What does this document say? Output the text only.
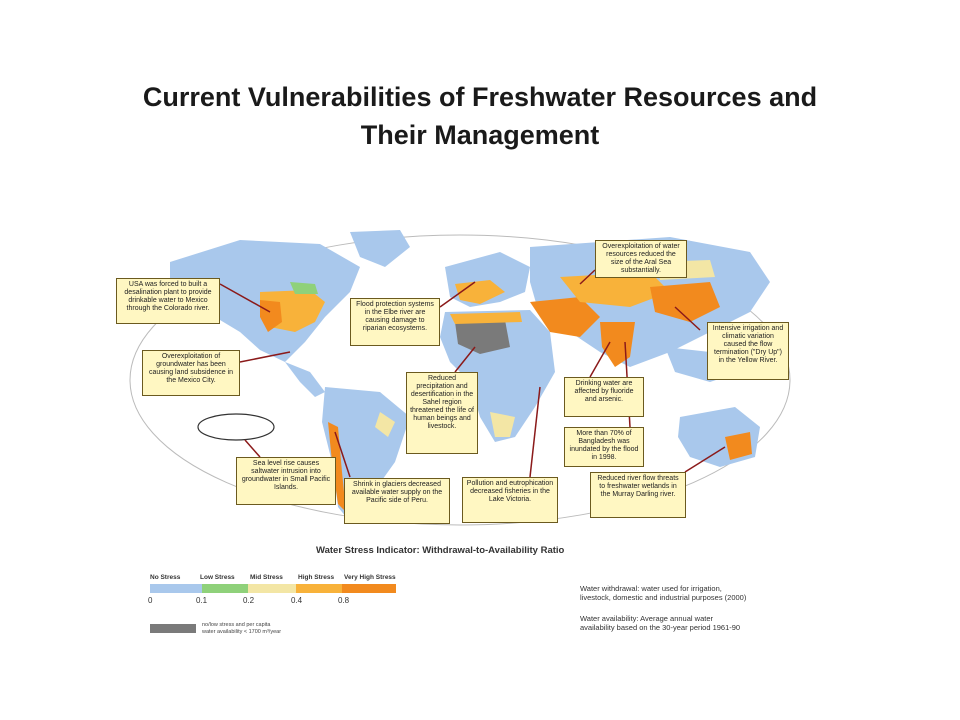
Current Vulnerabilities of Freshwater Resources and
Their Management
USA was forced to built a desalination plant to provide drinkable water to Mexico through the Colorado river.
Overexploitation of groundwater has been causing land subsidence in the Mexico City.
Flood protection systems in the Elbe river are causing damage to riparian ecosystems.
Overexploitation of water resources reduced the size of the Aral Sea substantially.
Intensive irrigation and climatic variation caused the flow termination ("Dry Up") in the Yellow River.
Reduced precipitation and desertification in the Sahel region threatened the life of human beings and livestock.
Drinking water are affected by fluoride and arsenic.
More than 70% of Bangladesh was inundated by the flood in 1998.
Sea level rise causes saltwater intrusion into groundwater in Small Pacific Islands.	Shrink in glaciers decreased available water supply on the Pacific side of Peru.
Pollution and eutrophication decreased fisheries in the Lake Victoria.
Reduced river flow threats to freshwater wetlands in the Murray Darling river.
Water Stress Indicator: Withdrawal-to-Availability Ratio
No Stress	Low Stress Mid Stress High Stress Very High Stress
0	0.1	0.2	0.4	0.8
no/low stress and per capita
water availability < 1700 m³/year
Water withdrawal: water used for irrigation,
livestock, domestic and industrial purposes (2000)
Water availability: Average annual water
availability based on the 30-year period 1961-90
